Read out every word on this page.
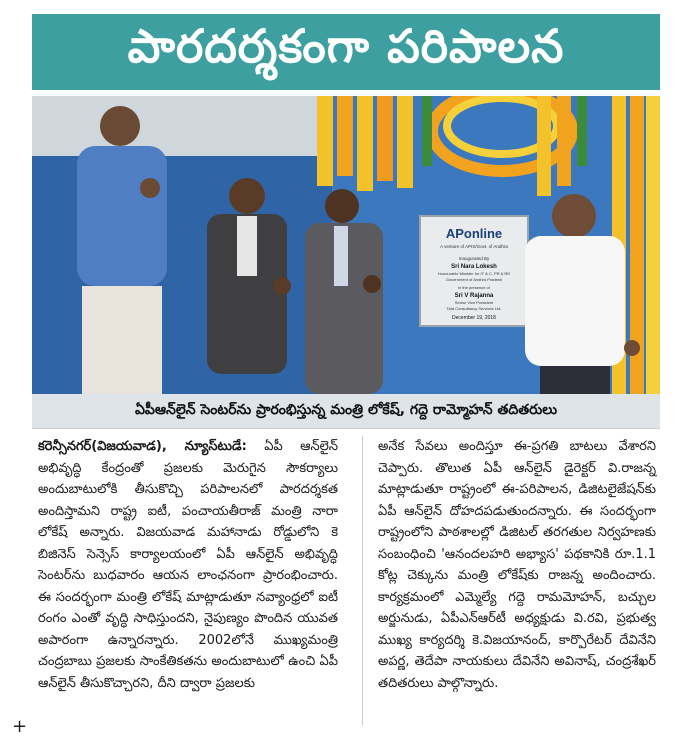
పారదర్శకంగా పరిపాలన
APonline
A venture of APIS/Govt. of Andhra
Inaugurated By
Sri Nara Lokesh
Honourable Minister for IT & C, PR & RD
Government of Andhra Pradesh
in the presence of
Sri V Rajanna
Senior Vice President
Tata Consultancy Services Ltd.
December 19, 2018
ఏపీఆన్‌లైన్ సెంటర్‌ను ప్రారంభిస్తున్న మంత్రి లోకేష్, గద్దె రామ్మోహన్ తదితరులు
కరెన్సీనగర్(విజయవాడ), న్యూస్‌టుడే: ఏపీ ఆన్‌లైన్ అభివృద్ధి కేంద్రంతో ప్రజలకు మెరుగైన సౌకర్యాలు అందుబాటులోకి తీసుకొచ్చి పరిపాలనలో పారదర్శకత అందిస్తామని రాష్ట్ర ఐటీ, పంచాయతీరాజ్ మంత్రి నారా లోకేష్ అన్నారు. విజయవాడ మహానాడు రోడ్డులోని కె బిజినెస్ సెన్సెస్ కార్యాలయంలో ఏపీ ఆన్‌లైన్ అభివృద్ధి సెంటర్‌ను బుధవారం ఆయన లాంఛనంగా ప్రారంభించారు. ఈ సందర్భంగా మంత్రి లోకేష్ మాట్లాడుతూ నవ్యాంధ్రలో ఐటీ రంగం ఎంతో వృద్ధి సాధిస్తుందని, నైపుణ్యం పొందిన యువత అపారంగా ఉన్నారన్నారు. 2002లోనే ముఖ్యమంత్రి చంద్రబాబు ప్రజలకు సాంకేతికతను అందుబాటులో ఉంచి ఏపీ ఆన్‌లైన్ తీసుకొచ్చారని, దీని ద్వారా ప్రజలకు
అనేక సేవలు అందిస్తూ ఈ-ప్రగతి బాటలు వేశారని చెప్పారు. తొలుత ఏపీ ఆన్‌లైన్ డైరెక్టర్ వి.రాజన్న మాట్లాడుతూ రాష్ట్రంలో ఈ-పరిపాలన, డిజిటలైజేషన్‌కు ఏపీ ఆన్‌లైన్ దోహదపడుతుందన్నారు. ఈ సందర్భంగా రాష్ట్రంలోని పాఠశాలల్లో డిజిటల్ తరగతుల నిర్వహణకు సంబంధించి 'ఆనందలహరి అభ్యాస' పథకానికి రూ.1.1 కోట్ల చెక్కును మంత్రి లోకేష్‌కు రాజన్న అందించారు. కార్యక్రమంలో ఎమ్మెల్యే గద్దె రామమోహన్, బచ్చుల అర్జునుడు, ఏపీఎన్‌ఆర్‌టీ అధ్యక్షుడు వి.రవి, ప్రభుత్వ ముఖ్య కార్యదర్శి కె.విజయానంద్, కార్పొరేటర్ దేవినేని అపర్ణ, తెదేపా నాయకులు దేవినేని అవినాష్, చంద్రశేఖర్ తదితరులు పాల్గొన్నారు.
+
